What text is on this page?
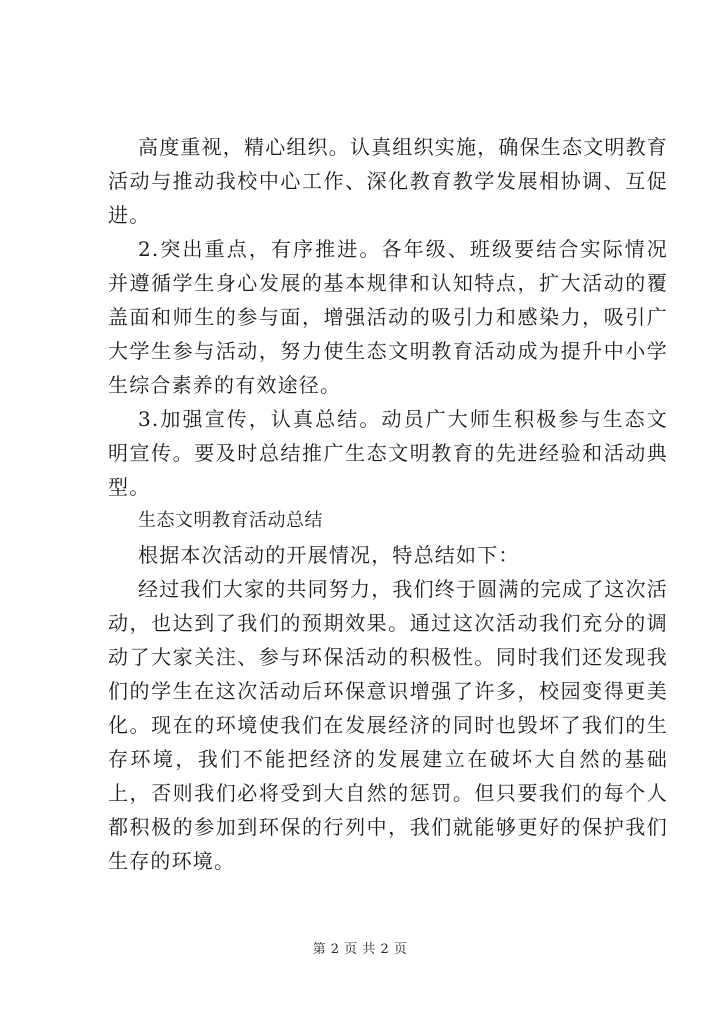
高度重视，精心组织。认真组织实施，确保生态文明教育活动与推动我校中心工作、深化教育教学发展相协调、互促进。

2.突出重点，有序推进。各年级、班级要结合实际情况并遵循学生身心发展的基本规律和认知特点，扩大活动的覆盖面和师生的参与面，增强活动的吸引力和感染力，吸引广大学生参与活动，努力使生态文明教育活动成为提升中小学生综合素养的有效途径。

3.加强宣传，认真总结。动员广大师生积极参与生态文明宣传。要及时总结推广生态文明教育的先进经验和活动典型。

生态文明教育活动总结

根据本次活动的开展情况，特总结如下：

经过我们大家的共同努力，我们终于圆满的完成了这次活动，也达到了我们的预期效果。通过这次活动我们充分的调动了大家关注、参与环保活动的积极性。同时我们还发现我们的学生在这次活动后环保意识增强了许多，校园变得更美化。现在的环境使我们在发展经济的同时也毁坏了我们的生存环境，我们不能把经济的发展建立在破坏大自然的基础上，否则我们必将受到大自然的惩罚。但只要我们的每个人都积极的参加到环保的行列中，我们就能够更好的保护我们生存的环境。

第 2 页 共 2 页
